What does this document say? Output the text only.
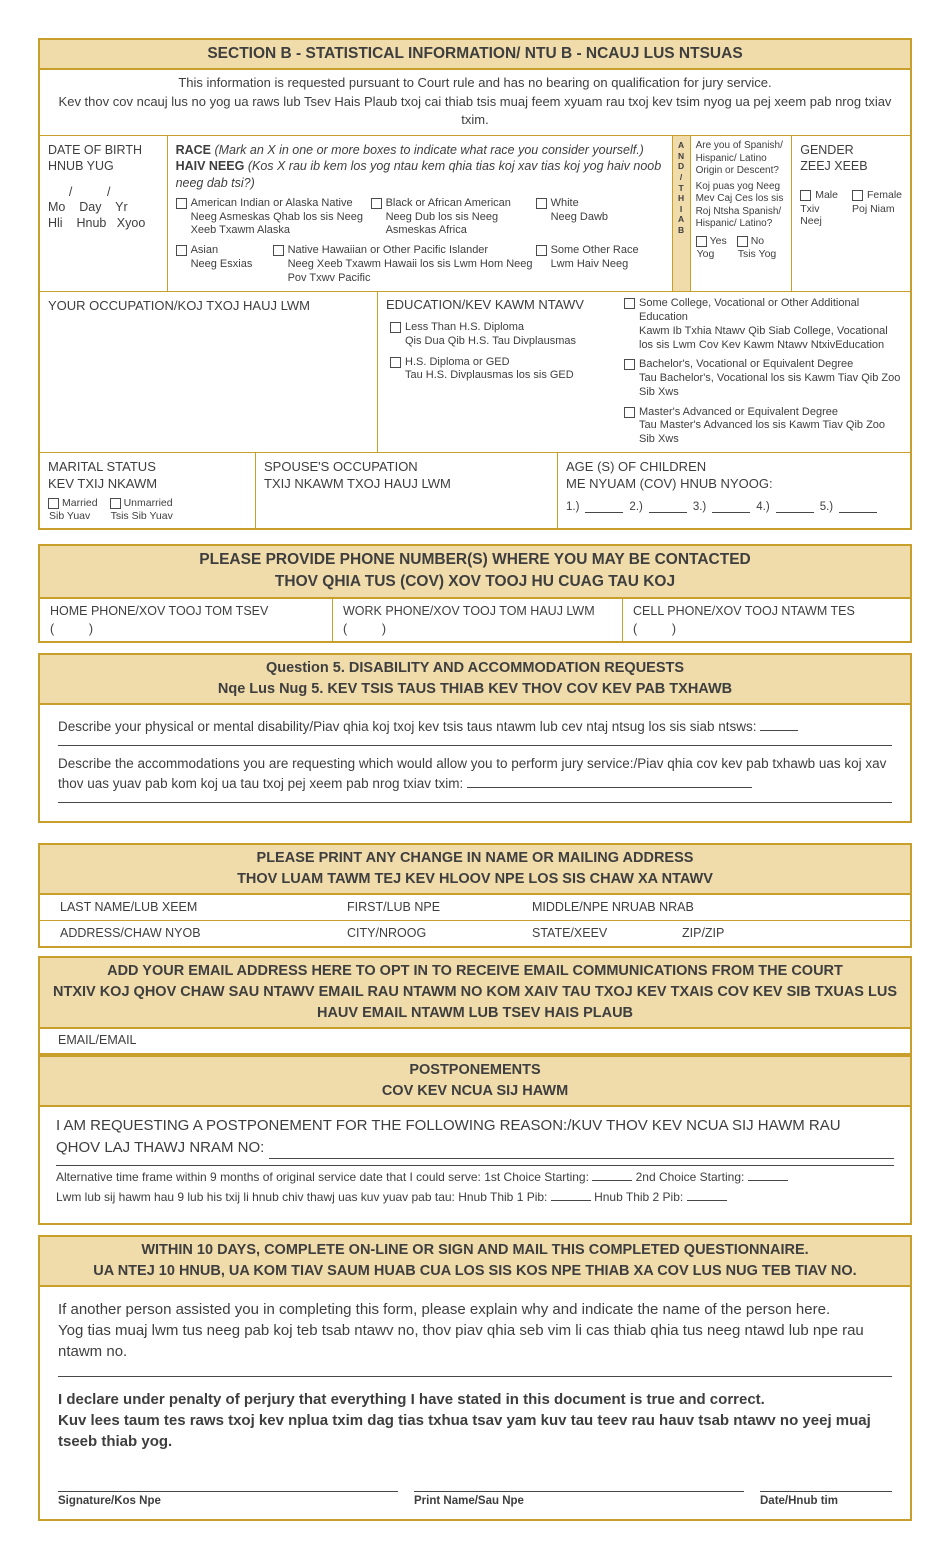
SECTION B - STATISTICAL INFORMATION/ NTU B - NCAUJ LUS NTSUAS
This information is requested pursuant to Court rule and has no bearing on qualification for jury service.
Kev thov cov ncauj lus no yog ua raws lub Tsev Hais Plaub txoj cai thiab tsis muaj feem xyuam rau txoj kev tsim nyog ua pej xeem pab nrog txiav txim.
DATE OF BIRTH
HNUB YUG
/          /
Mo    Day    Yr
Hli    Hnub   Xyoo
RACE (Mark an X in one or more boxes to indicate what race you consider yourself.)
HAIV NEEG (Kos X rau ib kem los yog ntau kem qhia tias koj xav tias koj yog haiv noob neeg dab tsi?)
American Indian or Alaska Native
Neeg Asmeskas Qhab los sis Neeg Xeeb Txawm Alaska
Black or African American
Neeg Dub los sis Neeg Asmeskas Africa
White
Neeg Dawb
Asian
Neeg Esxias
Native Hawaiian or Other Pacific Islander
Neeg Xeeb Txawm Hawaii los sis Lwm Hom Neeg Pov Txwv Pacific
Some Other Race
Lwm Haiv Neeg
A
N
D
/
T
H
I
A
B
Are you of Spanish/ Hispanic/ Latino Origin or Descent?
Koj puas yog Neeg Mev Caj Ces los sis Roj Ntsha Spanish/ Hispanic/ Latino?
Yes
Yog
No
Tsis Yog
GENDER
ZEEJ XEEB
Male
Txiv Neej
Female
Poj Niam
YOUR OCCUPATION/KOJ TXOJ HAUJ LWM	EDUCATION/KEV KAWM NTAWV
Less Than H.S. Diploma
Qis Dua Qib H.S. Tau Divplausmas
H.S. Diploma or GED
Tau H.S. Divplausmas los sis GED
Some College, Vocational or Other Additional Education
Kawm Ib Txhia Ntawv Qib Siab College, Vocational los sis Lwm Cov Kev Kawm Ntawv NtxivEducation
Bachelor's, Vocational or Equivalent Degree
Tau Bachelor's, Vocational los sis Kawm Tiav Qib Zoo Sib Xws
Master's Advanced or Equivalent Degree
Tau Master's Advanced los sis Kawm Tiav Qib Zoo Sib Xws
MARITAL STATUS
KEV TXIJ NKAWM
Married
Sib Yuav
Unmarried
Tsis Sib Yuav
SPOUSE'S OCCUPATION
TXIJ NKAWM TXOJ HAUJ LWM
AGE (S) OF CHILDREN
ME NYUAM (COV) HNUB NYOOG:
1.)	2.)	3.)	4.)	5.)
PLEASE PROVIDE PHONE NUMBER(S) WHERE YOU MAY BE CONTACTED
THOV QHIA TUS (COV) XOV TOOJ HU CUAG TAU KOJ
HOME PHONE/XOV TOOJ TOM TSEV
(          )
WORK PHONE/XOV TOOJ TOM HAUJ LWM
(          )
CELL PHONE/XOV TOOJ NTAWM TES
(          )
Question 5. DISABILITY AND ACCOMMODATION REQUESTS
Nqe Lus Nug 5. KEV TSIS TAUS THIAB KEV THOV COV KEV PAB TXHAWB
Describe your physical or mental disability/Piav qhia koj txoj kev tsis taus ntawm lub cev ntaj ntsug los sis siab ntsws:
Describe the accommodations you are requesting which would allow you to perform jury service:/Piav qhia cov kev pab txhawb uas koj xav thov uas yuav pab kom koj ua tau txoj pej xeem pab nrog txiav txim:
PLEASE PRINT ANY CHANGE IN NAME OR MAILING ADDRESS
THOV LUAM TAWM TEJ KEV HLOOV NPE LOS SIS CHAW XA NTAWV
LAST NAME/LUB XEEM	FIRST/LUB NPE	MIDDLE/NPE NRUAB NRAB
ADDRESS/CHAW NYOB	CITY/NROOG	STATE/XEEV	ZIP/ZIP
ADD YOUR EMAIL ADDRESS HERE TO OPT IN TO RECEIVE EMAIL COMMUNICATIONS FROM THE COURT
NTXIV KOJ QHOV CHAW SAU NTAWV EMAIL RAU NTAWM NO KOM XAIV TAU TXOJ KEV TXAIS COV KEV SIB TXUAS LUS HAUV EMAIL NTAWM LUB TSEV HAIS PLAUB
EMAIL/EMAIL
POSTPONEMENTS
COV KEV NCUA SIJ HAWM
I AM REQUESTING A POSTPONEMENT FOR THE FOLLOWING REASON:/KUV THOV KEV NCUA SIJ HAWM RAU
QHOV LAJ THAWJ NRAM NO:
Alternative time frame within 9 months of original service date that I could serve: 1st Choice Starting:	2nd Choice Starting:
Lwm lub sij hawm hau 9 lub his txij li hnub chiv thawj uas kuv yuav pab tau: Hnub Thib 1 Pib:	Hnub Thib 2 Pib:
WITHIN 10 DAYS, COMPLETE ON-LINE OR SIGN AND MAIL THIS COMPLETED QUESTIONNAIRE.
UA NTEJ 10 HNUB, UA KOM TIAV SAUM HUAB CUA LOS SIS KOS NPE THIAB XA COV LUS NUG TEB TIAV NO.
If another person assisted you in completing this form, please explain why and indicate the name of the person here.
Yog tias muaj lwm tus neeg pab koj teb tsab ntawv no, thov piav qhia seb vim li cas thiab qhia tus neeg ntawd lub npe rau ntawm no.
I declare under penalty of perjury that everything I have stated in this document is true and correct.
Kuv lees taum tes raws txoj kev nplua txim dag tias txhua tsav yam kuv tau teev rau hauv tsab ntawv no yeej muaj tseeb thiab yog.
Signature/Kos Npe	Print Name/Sau Npe	Date/Hnub tim
